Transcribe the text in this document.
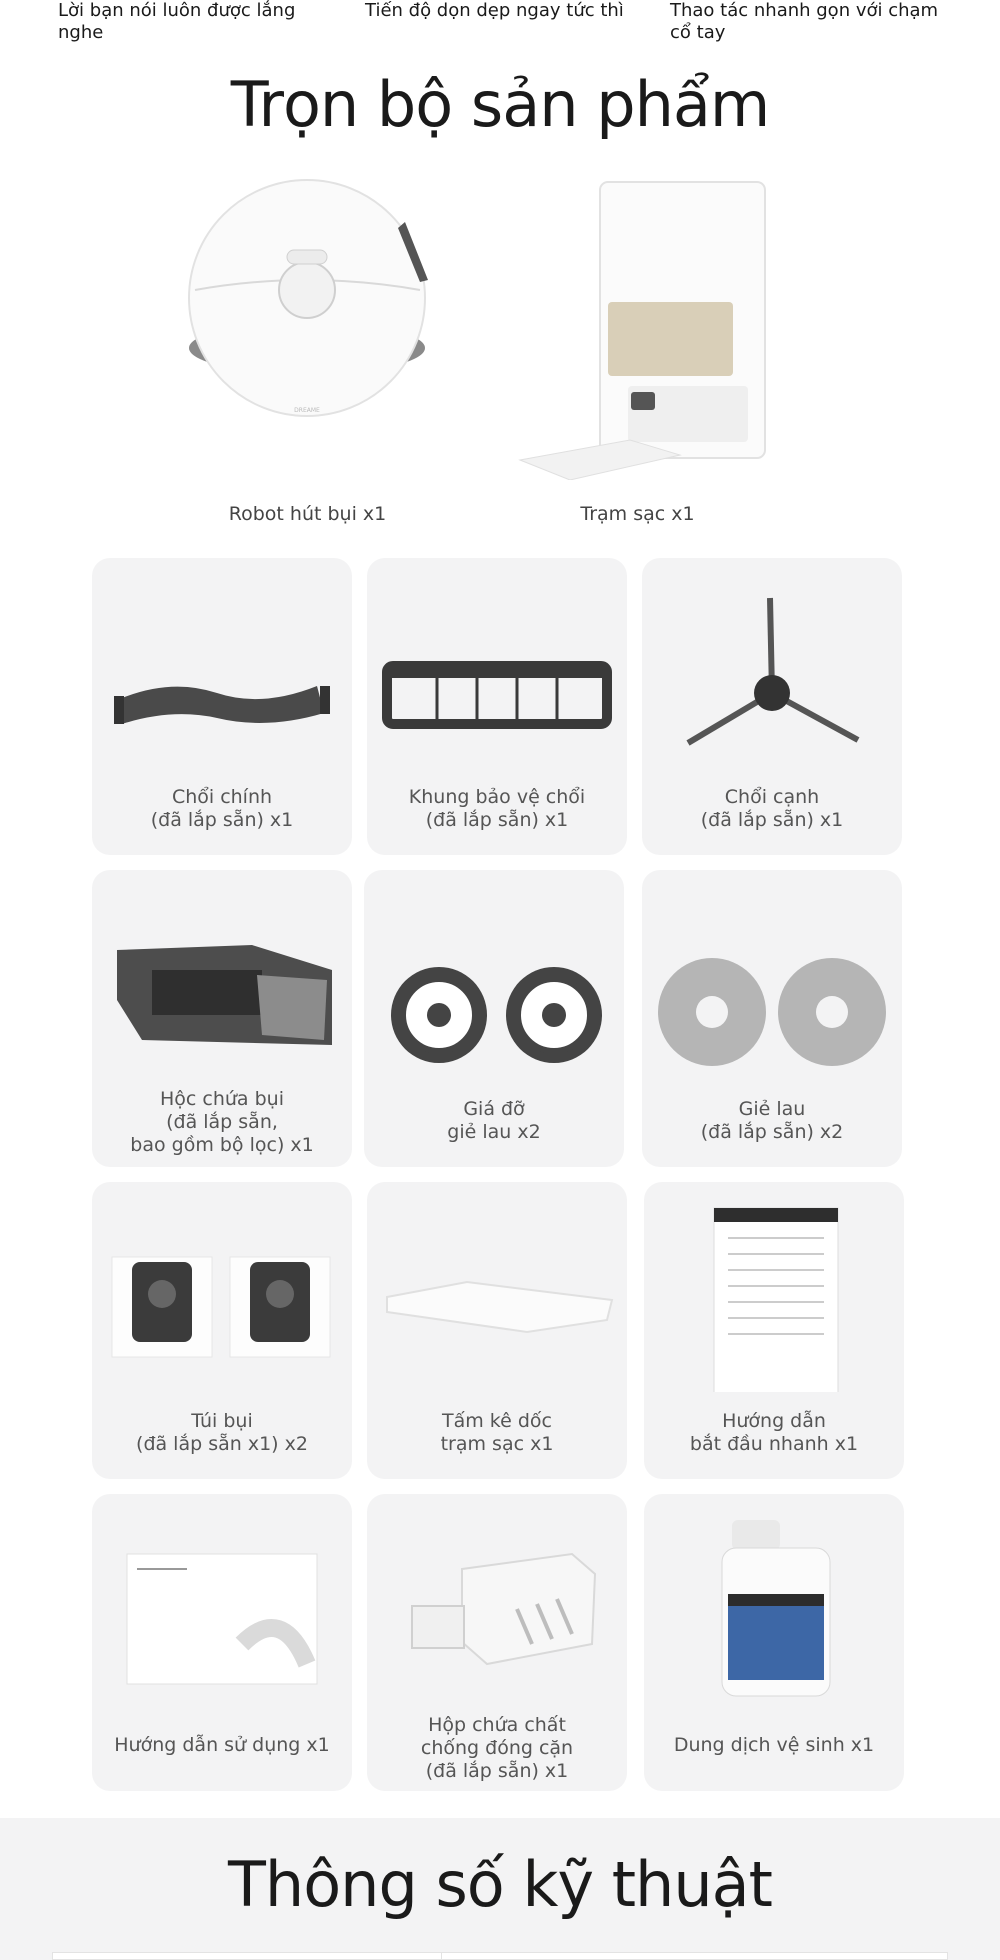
Lời bạn nói luôn được lắng nghe
Tiến độ dọn dẹp ngay tức thì	Thao tác nhanh gọn với chạm cổ tay
Trọn bộ sản phẩm
DREAME
Robot hút bụi x1	Trạm sạc x1
Chổi chính
(đã lắp sẵn) x1
Khung bảo vệ chổi
(đã lắp sẵn) x1
Chổi cạnh
(đã lắp sẵn) x1
Hộc chứa bụi
(đã lắp sẵn,
bao gồm bộ lọc) x1
Giá đỡ
giẻ lau x2
Giẻ lau
(đã lắp sẵn) x2
Túi bụi
(đã lắp sẵn x1) x2
Tấm kê dốc
trạm sạc x1
Hướng dẫn
bắt đầu nhanh x1
Hướng dẫn sử dụng x1
Hộp chứa chất
chống đóng cặn
(đã lắp sẵn) x1
Dung dịch vệ sinh x1
Thông số kỹ thuật
